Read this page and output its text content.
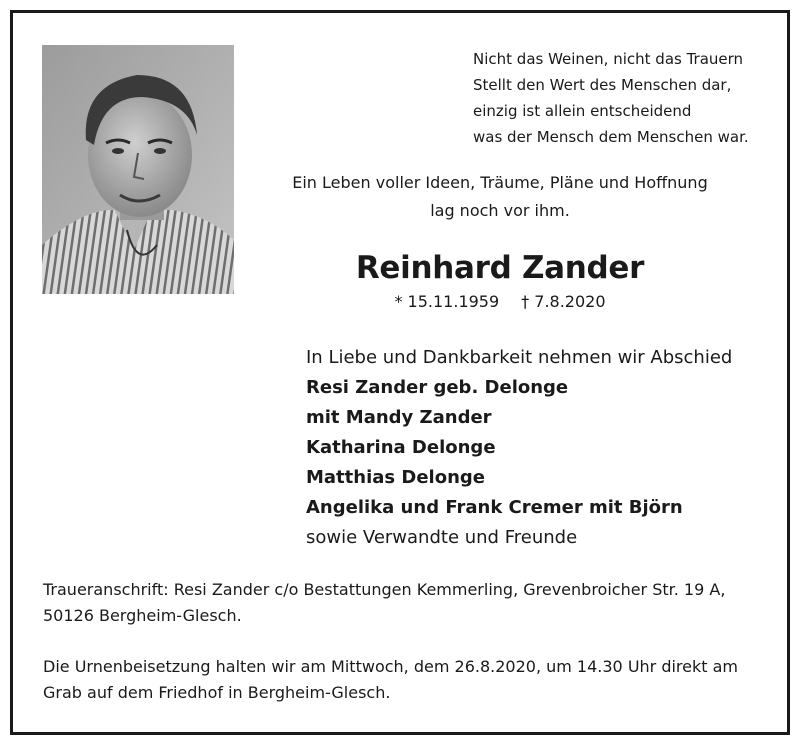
Nicht das Weinen, nicht das Trauern
Stellt den Wert des Menschen dar,
einzig ist allein entscheidend
was der Mensch dem Menschen war.
Ein Leben voller Ideen, Träume, Pläne und Hoffnung
lag noch vor ihm.
Reinhard Zander
* 15.11.1959 † 7.8.2020
In Liebe und Dankbarkeit nehmen wir Abschied
Resi Zander geb. Delonge
mit Mandy Zander
Katharina Delonge
Matthias Delonge
Angelika und Frank Cremer mit Björn
sowie Verwandte und Freunde
Traueranschrift: Resi Zander c/o Bestattungen Kemmerling, Grevenbroicher Str. 19 A, 50126 Bergheim-Glesch.
Die Urnenbeisetzung halten wir am Mittwoch, dem 26.8.2020, um 14.30 Uhr direkt am Grab auf dem Friedhof in Bergheim-Glesch.
